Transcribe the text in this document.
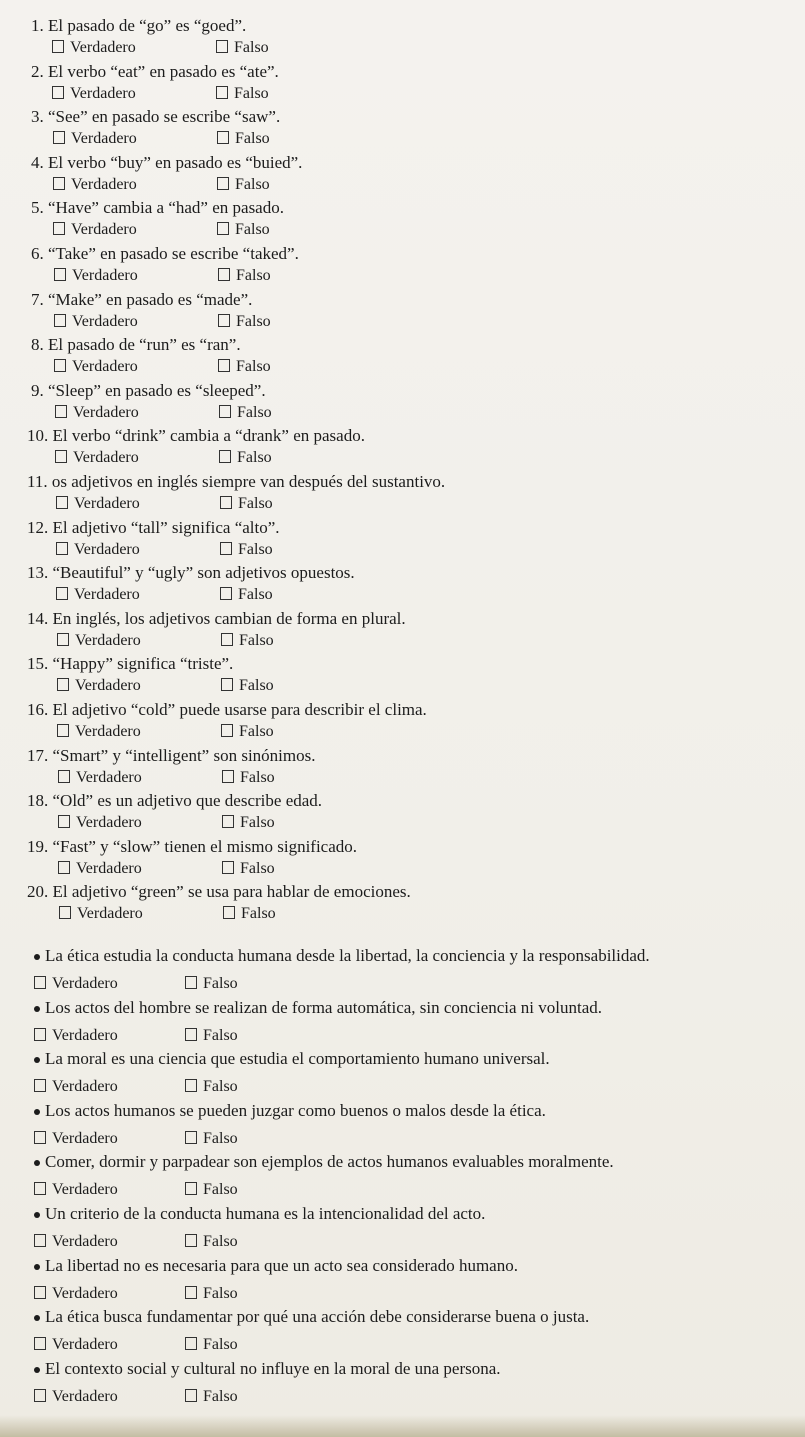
1. El pasado de “go” es “goed”.
Verdadero	Falso
2. El verbo “eat” en pasado es “ate”.
Verdadero	Falso
3. “See” en pasado se escribe “saw”.
Verdadero	Falso
4. El verbo “buy” en pasado es “buied”.
Verdadero	Falso
5. “Have” cambia a “had” en pasado.
Verdadero	Falso
6. “Take” en pasado se escribe “taked”.
Verdadero	Falso
7. “Make” en pasado es “made”.
Verdadero	Falso
8. El pasado de “run” es “ran”.
Verdadero	Falso
9. “Sleep” en pasado es “sleeped”.
Verdadero	Falso
10. El verbo “drink” cambia a “drank” en pasado.
Verdadero	Falso
11. os adjetivos en inglés siempre van después del sustantivo.
Verdadero	Falso
12. El adjetivo “tall” significa “alto”.
Verdadero	Falso
13. “Beautiful” y “ugly” son adjetivos opuestos.
Verdadero	Falso
14. En inglés, los adjetivos cambian de forma en plural.
Verdadero	Falso
15. “Happy” significa “triste”.
Verdadero	Falso
16. El adjetivo “cold” puede usarse para describir el clima.
Verdadero	Falso
17. “Smart” y “intelligent” son sinónimos.
Verdadero	Falso
18. “Old” es un adjetivo que describe edad.
Verdadero	Falso
19. “Fast” y “slow” tienen el mismo significado.
Verdadero	Falso
20. El adjetivo “green” se usa para hablar de emociones.
Verdadero	Falso
La ética estudia la conducta humana desde la libertad, la conciencia y la responsabilidad.
Verdadero	Falso
Los actos del hombre se realizan de forma automática, sin conciencia ni voluntad.
Verdadero	Falso
La moral es una ciencia que estudia el comportamiento humano universal.
Verdadero	Falso
Los actos humanos se pueden juzgar como buenos o malos desde la ética.
Verdadero	Falso
Comer, dormir y parpadear son ejemplos de actos humanos evaluables moralmente.
Verdadero	Falso
Un criterio de la conducta humana es la intencionalidad del acto.
Verdadero	Falso
La libertad no es necesaria para que un acto sea considerado humano.
Verdadero	Falso
La ética busca fundamentar por qué una acción debe considerarse buena o justa.
Verdadero	Falso
El contexto social y cultural no influye en la moral de una persona.
Verdadero	Falso
